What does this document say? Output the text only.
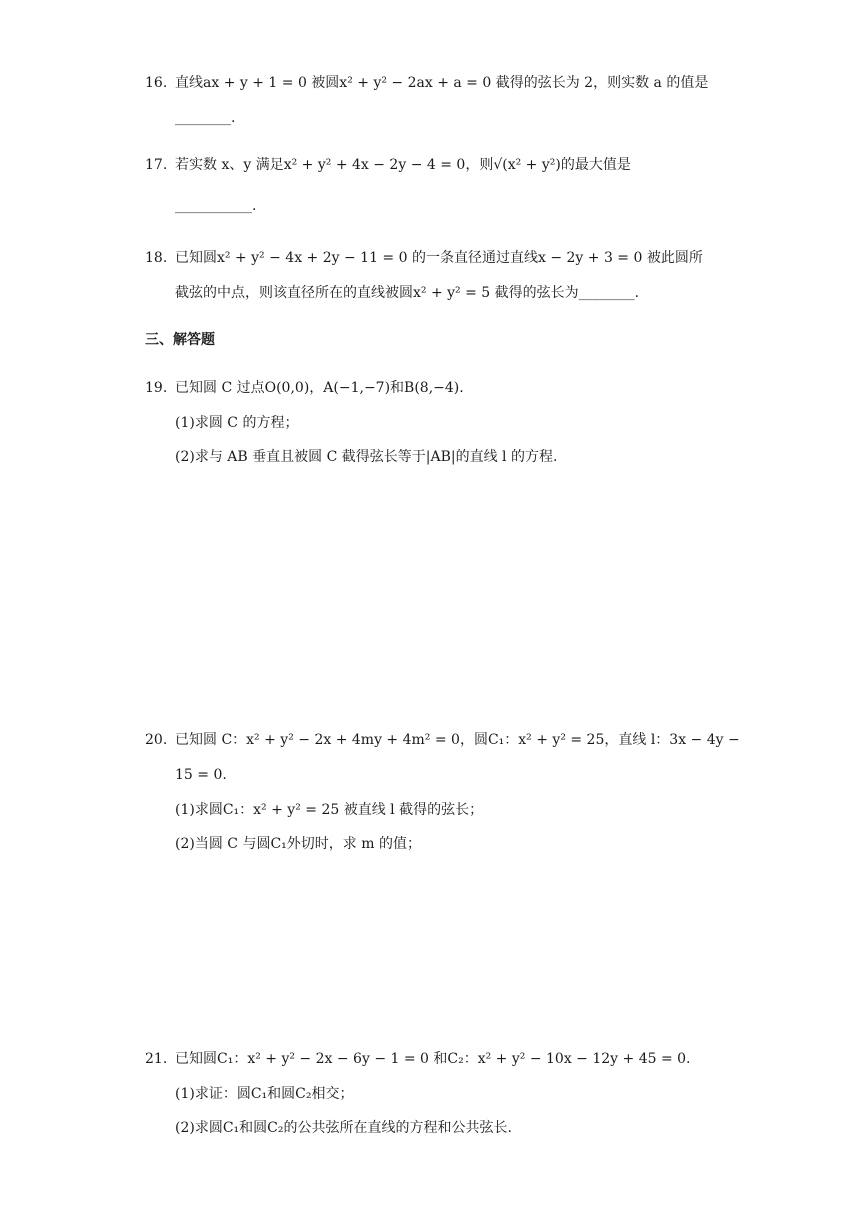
16. 直线ax + y + 1 = 0 被圆x² + y² − 2ax + a = 0 截得的弦长为 2，则实数 a 的值是
________.
17. 若实数 x、y 满足x² + y² + 4x − 2y − 4 = 0，则√(x² + y²)的最大值是
___________.
18. 已知圆x² + y² − 4x + 2y − 11 = 0 的一条直径通过直线x − 2y + 3 = 0 被此圆所
截弦的中点，则该直径所在的直线被圆x² + y² = 5 截得的弦长为________.
三、解答题
19. 已知圆 C 过点O(0,0)，A(−1,−7)和B(8,−4).
(1)求圆 C 的方程；
(2)求与 AB 垂直且被圆 C 截得弦长等于|AB|的直线 l 的方程.
20. 已知圆 C：x² + y² − 2x + 4my + 4m² = 0，圆C₁：x² + y² = 25，直线 l：3x − 4y −
15 = 0.
(1)求圆C₁：x² + y² = 25 被直线 l 截得的弦长；
(2)当圆 C 与圆C₁外切时，求 m 的值；
21. 已知圆C₁：x² + y² − 2x − 6y − 1 = 0 和C₂：x² + y² − 10x − 12y + 45 = 0.
(1)求证：圆C₁和圆C₂相交；
(2)求圆C₁和圆C₂的公共弦所在直线的方程和公共弦长.
